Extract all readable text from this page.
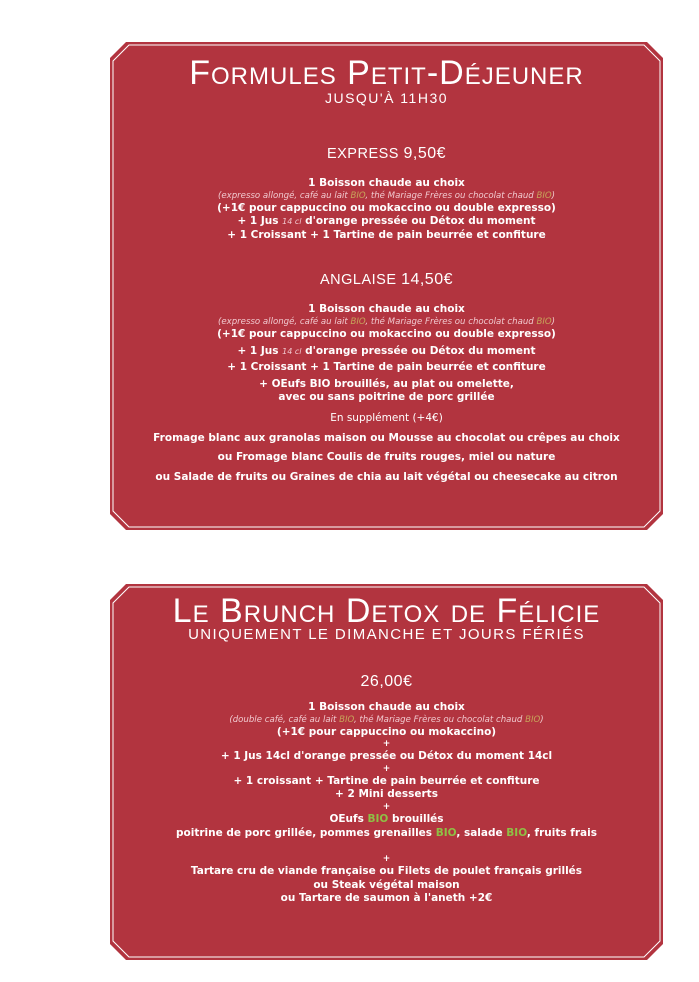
Formules Petit-Déjeuner
JUSQU'À 11H30
EXPRESS 9,50€
1 Boisson chaude au choix
(expresso allongé, café au lait BIO, thé Mariage Frères ou chocolat chaud BIO)
(+1€ pour cappuccino ou mokaccino ou double expresso)
+ 1 Jus 14 cl d'orange pressée ou Détox du moment
+ 1 Croissant + 1 Tartine de pain beurrée et confiture
ANGLAISE 14,50€
1 Boisson chaude au choix
(expresso allongé, café au lait BIO, thé Mariage Frères ou chocolat chaud BIO)
(+1€ pour cappuccino ou mokaccino ou double expresso)
+ 1 Jus 14 cl d'orange pressée ou Détox du moment
+ 1 Croissant + 1 Tartine de pain beurrée et confiture
+ OEufs BIO brouillés, au plat ou omelette,
avec ou sans poitrine de porc grillée
En supplément (+4€)
Fromage blanc aux granolas maison ou Mousse au chocolat ou crêpes au choix
ou Fromage blanc Coulis de fruits rouges, miel ou nature
ou Salade de fruits ou Graines de chia au lait végétal ou cheesecake au citron
Le Brunch Detox de Félicie
UNIQUEMENT LE DIMANCHE ET JOURS FÉRIÉS
26,00€
1 Boisson chaude au choix
(double café, café au lait BIO, thé Mariage Frères ou chocolat chaud BIO)
(+1€ pour cappuccino ou mokaccino)
+
+ 1 Jus 14cl d'orange pressée ou Détox du moment 14cl
+
+ 1 croissant + Tartine de pain beurrée et confiture
+ 2 Mini desserts
+
OEufs BIO brouillés
poitrine de porc grillée, pommes grenailles BIO, salade BIO, fruits frais
+
Tartare cru de viande française ou Filets de poulet français grillés
ou Steak végétal maison
ou Tartare de saumon à l'aneth +2€
